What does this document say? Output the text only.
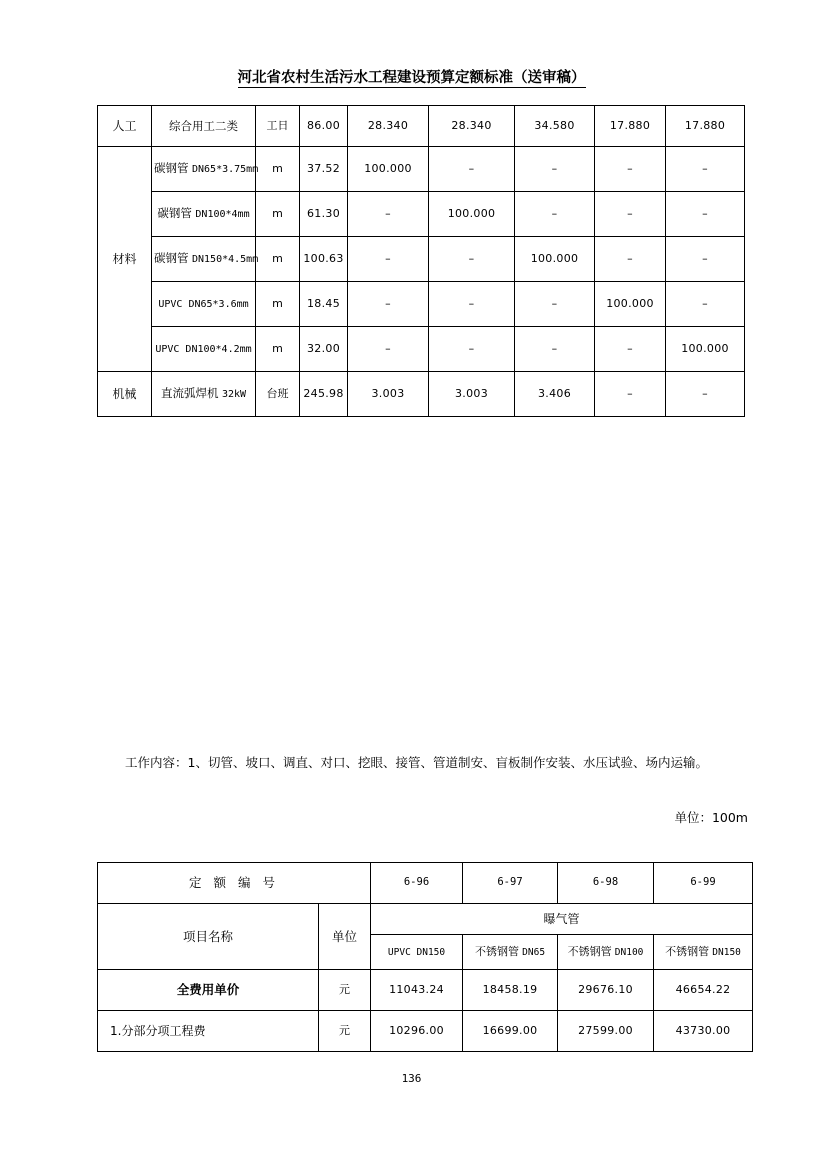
河北省农村生活污水工程建设预算定额标准（送审稿）
人工	综合用工二类	工日	86.00	28.340	28.340	34.580	17.880	17.880
材料	碳钢管 DN65*3.75mm	m	37.52	100.000	–	–	–	–
	碳钢管 DN100*4mm	m	61.30	–	100.000	–	–	–
	碳钢管 DN150*4.5mm	m	100.63	–	–	100.000	–	–
	UPVC DN65*3.6mm	m	18.45	–	–	–	100.000	–
	UPVC DN100*4.2mm	m	32.00	–	–	–	–	100.000
机械	直流弧焊机 32kW	台班	245.98	3.003	3.003	3.406	–	–
工作内容：1、切管、坡口、调直、对口、挖眼、接管、管道制安、盲板制作安装、水压试验、场内运输。
单位：100m
定 额 编 号		6-96	6-97	6-98	6-99
项目名称	单位	曝气管			
		UPVC DN150	不锈钢管 DN65	不锈钢管 DN100	不锈钢管 DN150
全费用单价	元	11043.24	18458.19	29676.10	46654.22
1.分部分项工程费	元	10296.00	16699.00	27599.00	43730.00
136
